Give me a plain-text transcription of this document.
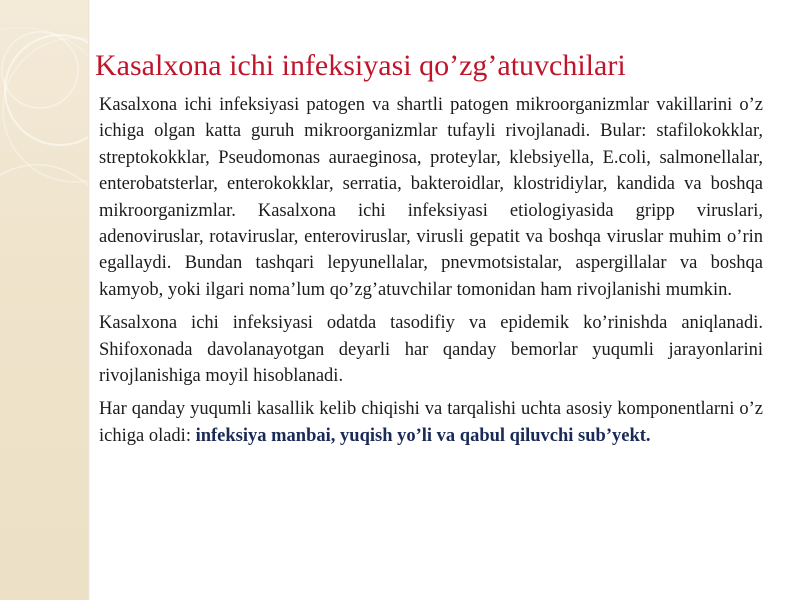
Kasalxona ichi infeksiyasi qo’zg’atuvchilari

Kasalxona ichi infeksiyasi patogen va shartli patogen mikroorganizmlar vakillarini o’z ichiga olgan katta guruh mikroorganizmlar tufayli rivojlanadi. Bular: stafilokokklar, streptokokklar, Pseudomonas auraeginosa, proteylar, klebsiyella, E.coli, salmonellalar, enterobatsterlar, enterokokklar, serratia, bakteroidlar, klostridiylar, kandida va boshqa mikroorganizmlar. Kasalxona ichi infeksiyasi etiologiyasida gripp viruslari, adenoviruslar, rotaviruslar, enteroviruslar, virusli gepatit va boshqa viruslar muhim o’rin egallaydi. Bundan tashqari lepyunellalar, pnevmotsistalar, aspergillalar va boshqa kamyob, yoki ilgari noma’lum qo’zg’atuvchilar tomonidan ham rivojlanishi mumkin.

Kasalxona ichi infeksiyasi odatda tasodifiy va epidemik ko’rinishda aniqlanadi. Shifoxonada davolanayotgan deyarli har qanday bemorlar yuqumli jarayonlarini rivojlanishiga moyil hisoblanadi.

Har qanday yuqumli kasallik kelib chiqishi va tarqalishi uchta asosiy komponentlarni o’z ichiga oladi: infeksiya manbai, yuqish yo’li va qabul qiluvchi sub’yekt.
